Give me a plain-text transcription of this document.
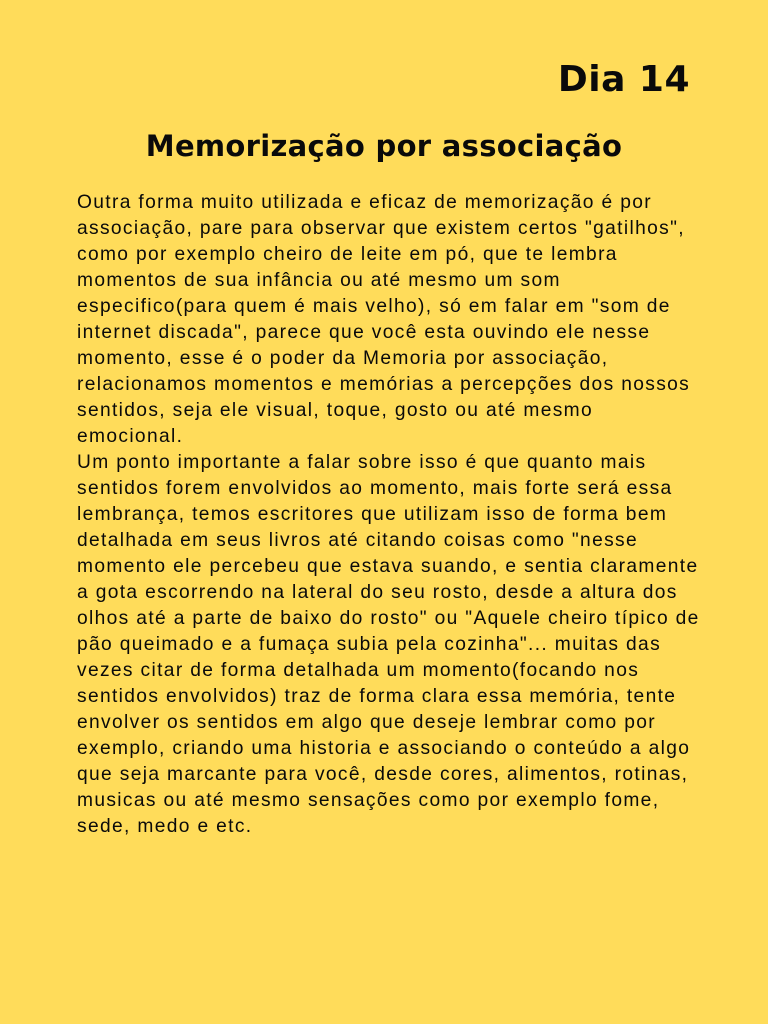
Dia 14
Memorização por associação

Outra forma muito utilizada e eficaz de memorização é por associação, pare para observar que existem certos "gatilhos", como por exemplo cheiro de leite em pó, que te lembra momentos de sua infância ou até mesmo um som especifico(para quem é mais velho), só em falar em "som de internet discada", parece que você esta ouvindo ele nesse momento, esse é o poder da Memoria por associação, relacionamos momentos e memórias a percepções dos nossos sentidos, seja ele visual, toque, gosto ou até mesmo emocional.

Um ponto importante a falar sobre isso é que quanto mais sentidos forem envolvidos ao momento, mais forte será essa lembrança, temos escritores que utilizam isso de forma bem detalhada em seus livros até citando coisas como "nesse momento ele percebeu que estava suando, e sentia claramente a gota escorrendo na lateral do seu rosto, desde a altura dos olhos até a parte de baixo do rosto" ou "Aquele cheiro típico de pão queimado e a fumaça subia pela cozinha"... muitas das vezes citar de forma detalhada um momento(focando nos sentidos envolvidos) traz de forma clara essa memória, tente envolver os sentidos em algo que deseje lembrar como por exemplo, criando uma historia e associando o conteúdo a algo que seja marcante para você, desde cores, alimentos, rotinas, musicas ou até mesmo sensações como por exemplo fome, sede, medo e etc.
